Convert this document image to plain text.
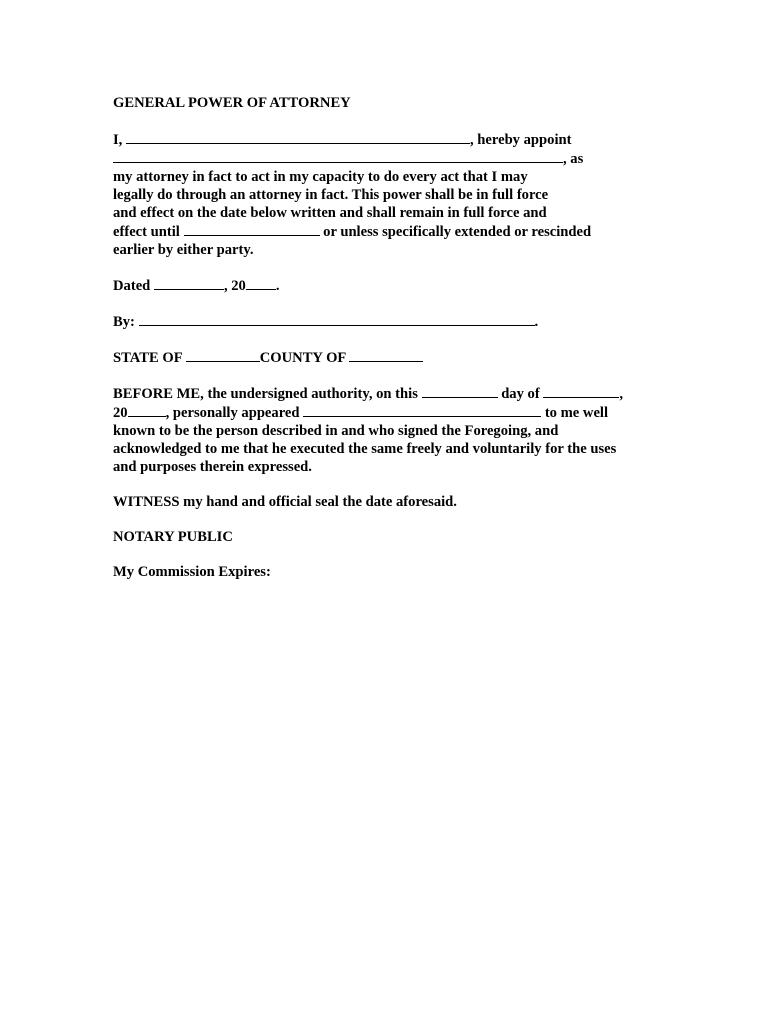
GENERAL POWER OF ATTORNEY
I,	, hereby appoint
, as
my attorney in fact to act in my capacity to do every act that I may
legally do through an attorney in fact. This power shall be in full force
and effect on the date below written and shall remain in full force and
effect until	or unless specifically extended or rescinded
earlier by either party.
Dated	, 20 .
By:	.
STATE OF	COUNTY OF
BEFORE ME, the undersigned authority, on this	day of	,
20	, personally appeared	to me well
known to be the person described in and who signed the Foregoing, and
acknowledged to me that he executed the same freely and voluntarily for the uses
and purposes therein expressed.
WITNESS my hand and official seal the date aforesaid.
NOTARY PUBLIC
My Commission Expires:
